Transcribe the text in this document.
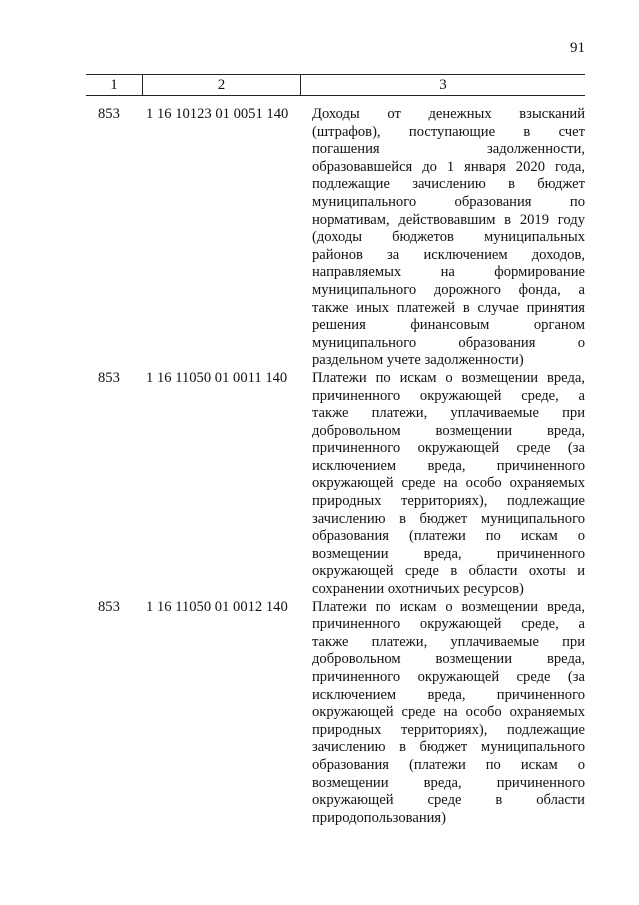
91
1	2	3
853	1 16 10123 01 0051 140	Доходы от денежных взысканий
(штрафов), поступающие в счет
погашения задолженности,
образовавшейся до 1 января 2020 года,
подлежащие зачислению в бюджет
муниципального образования по
нормативам, действовавшим в 2019 году
(доходы бюджетов муниципальных
районов за исключением доходов,
направляемых на формирование
муниципального дорожного фонда, а
также иных платежей в случае принятия
решения финансовым органом
муниципального образования о
раздельном учете задолженности)
853	1 16 11050 01 0011 140	Платежи по искам о возмещении вреда,
причиненного окружающей среде, а
также платежи, уплачиваемые при
добровольном возмещении вреда,
причиненного окружающей среде (за
исключением вреда, причиненного
окружающей среде на особо охраняемых
природных территориях), подлежащие
зачислению в бюджет муниципального
образования (платежи по искам о
возмещении вреда, причиненного
окружающей среде в области охоты и
сохранении охотничьих ресурсов)
853	1 16 11050 01 0012 140	Платежи по искам о возмещении вреда,
причиненного окружающей среде, а
также платежи, уплачиваемые при
добровольном возмещении вреда,
причиненного окружающей среде (за
исключением вреда, причиненного
окружающей среде на особо охраняемых
природных территориях), подлежащие
зачислению в бюджет муниципального
образования (платежи по искам о
возмещении вреда, причиненного
окружающей среде в области
природопользования)
